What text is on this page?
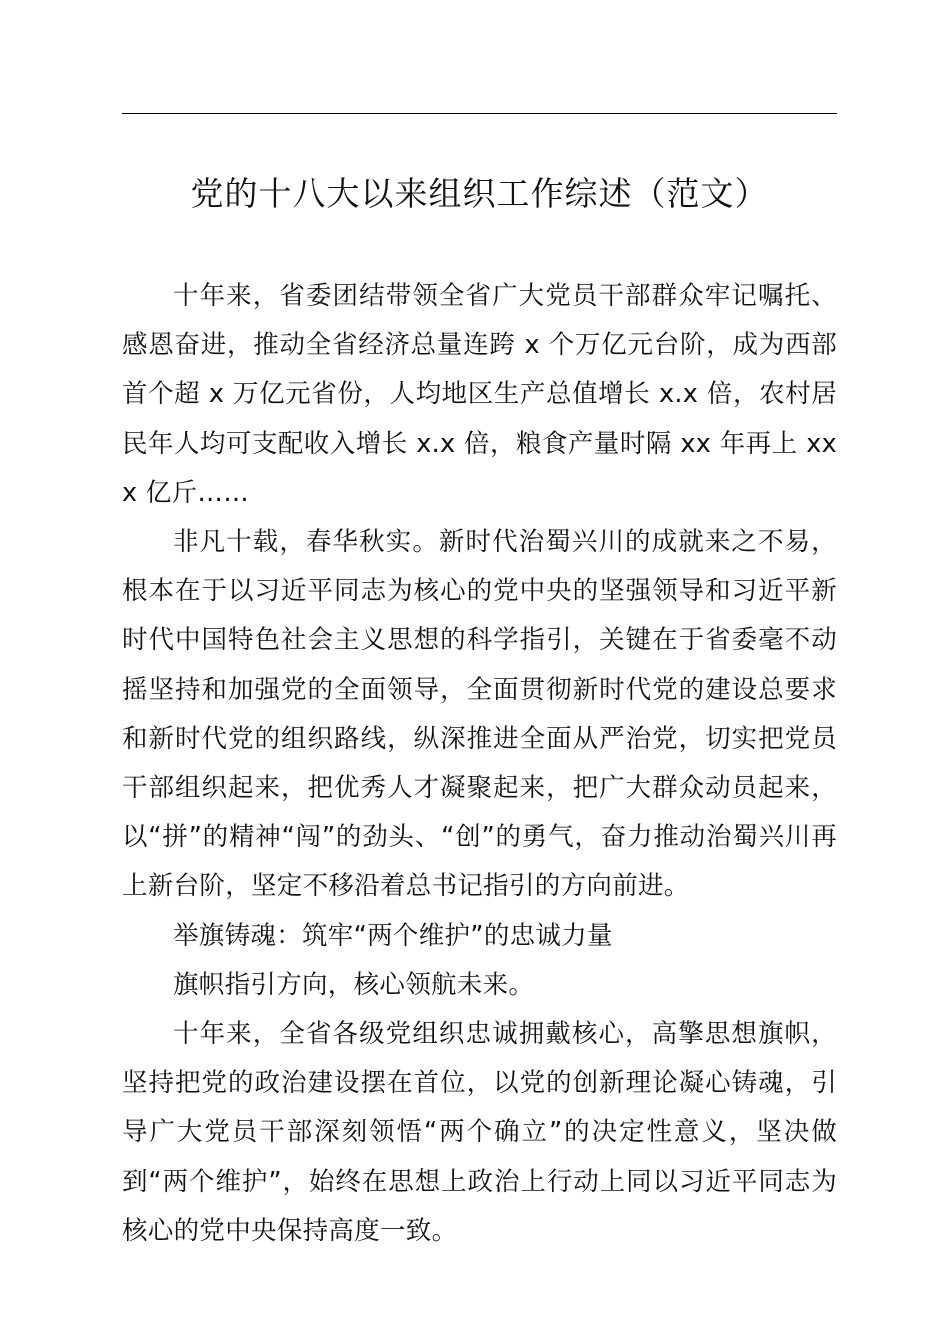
党的十八大以来组织工作综述（范文）

十年来，省委团结带领全省广大党员干部群众牢记嘱托、感恩奋进，推动全省经济总量连跨 x 个万亿元台阶，成为西部首个超 x 万亿元省份，人均地区生产总值增长 x.x 倍，农村居民年人均可支配收入增长 x.x 倍，粮食产量时隔 xx 年再上 xxx 亿斤……

非凡十载，春华秋实。新时代治蜀兴川的成就来之不易，根本在于以习近平同志为核心的党中央的坚强领导和习近平新时代中国特色社会主义思想的科学指引，关键在于省委毫不动摇坚持和加强党的全面领导，全面贯彻新时代党的建设总要求和新时代党的组织路线，纵深推进全面从严治党，切实把党员干部组织起来，把优秀人才凝聚起来，把广大群众动员起来，以“拼”的精神“闯”的劲头、“创”的勇气，奋力推动治蜀兴川再上新台阶，坚定不移沿着总书记指引的方向前进。

举旗铸魂：筑牢“两个维护”的忠诚力量

旗帜指引方向，核心领航未来。

十年来，全省各级党组织忠诚拥戴核心，高擎思想旗帜，坚持把党的政治建设摆在首位，以党的创新理论凝心铸魂，引导广大党员干部深刻领悟“两个确立”的决定性意义，坚决做到“两个维护”，始终在思想上政治上行动上同以习近平同志为核心的党中央保持高度一致。
